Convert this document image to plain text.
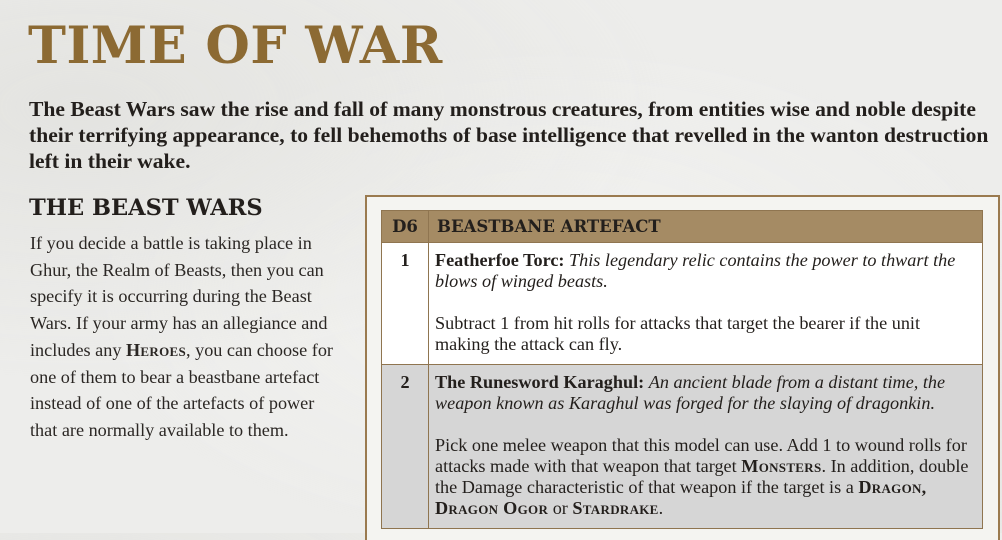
TIME OF WAR

The Beast Wars saw the rise and fall of many monstrous creatures, from entities wise and noble despite their terrifying appearance, to fell behemoths of base intelligence that revelled in the wanton destruction left in their wake.

THE BEAST WARS

If you decide a battle is taking place in Ghur, the Realm of Beasts, then you can specify it is occurring during the Beast Wars. If your army has an allegiance and includes any Heroes, you can choose for one of them to bear a beastbane artefact instead of one of the artefacts of power that are normally available to them.

D6	BEASTBANE ARTEFACT
1	Featherfoe Torc: This legendary relic contains the power to thwart the blows of winged beasts.

Subtract 1 from hit rolls for attacks that target the bearer if the unit making the attack can fly.

2	The Runesword Karaghul: An ancient blade from a distant time, the weapon known as Karaghul was forged for the slaying of dragonkin.

Pick one melee weapon that this model can use. Add 1 to wound rolls for attacks made with that weapon that target Monsters. In addition, double the Damage characteristic of that weapon if the target is a Dragon, Dragon Ogor or Stardrake.
